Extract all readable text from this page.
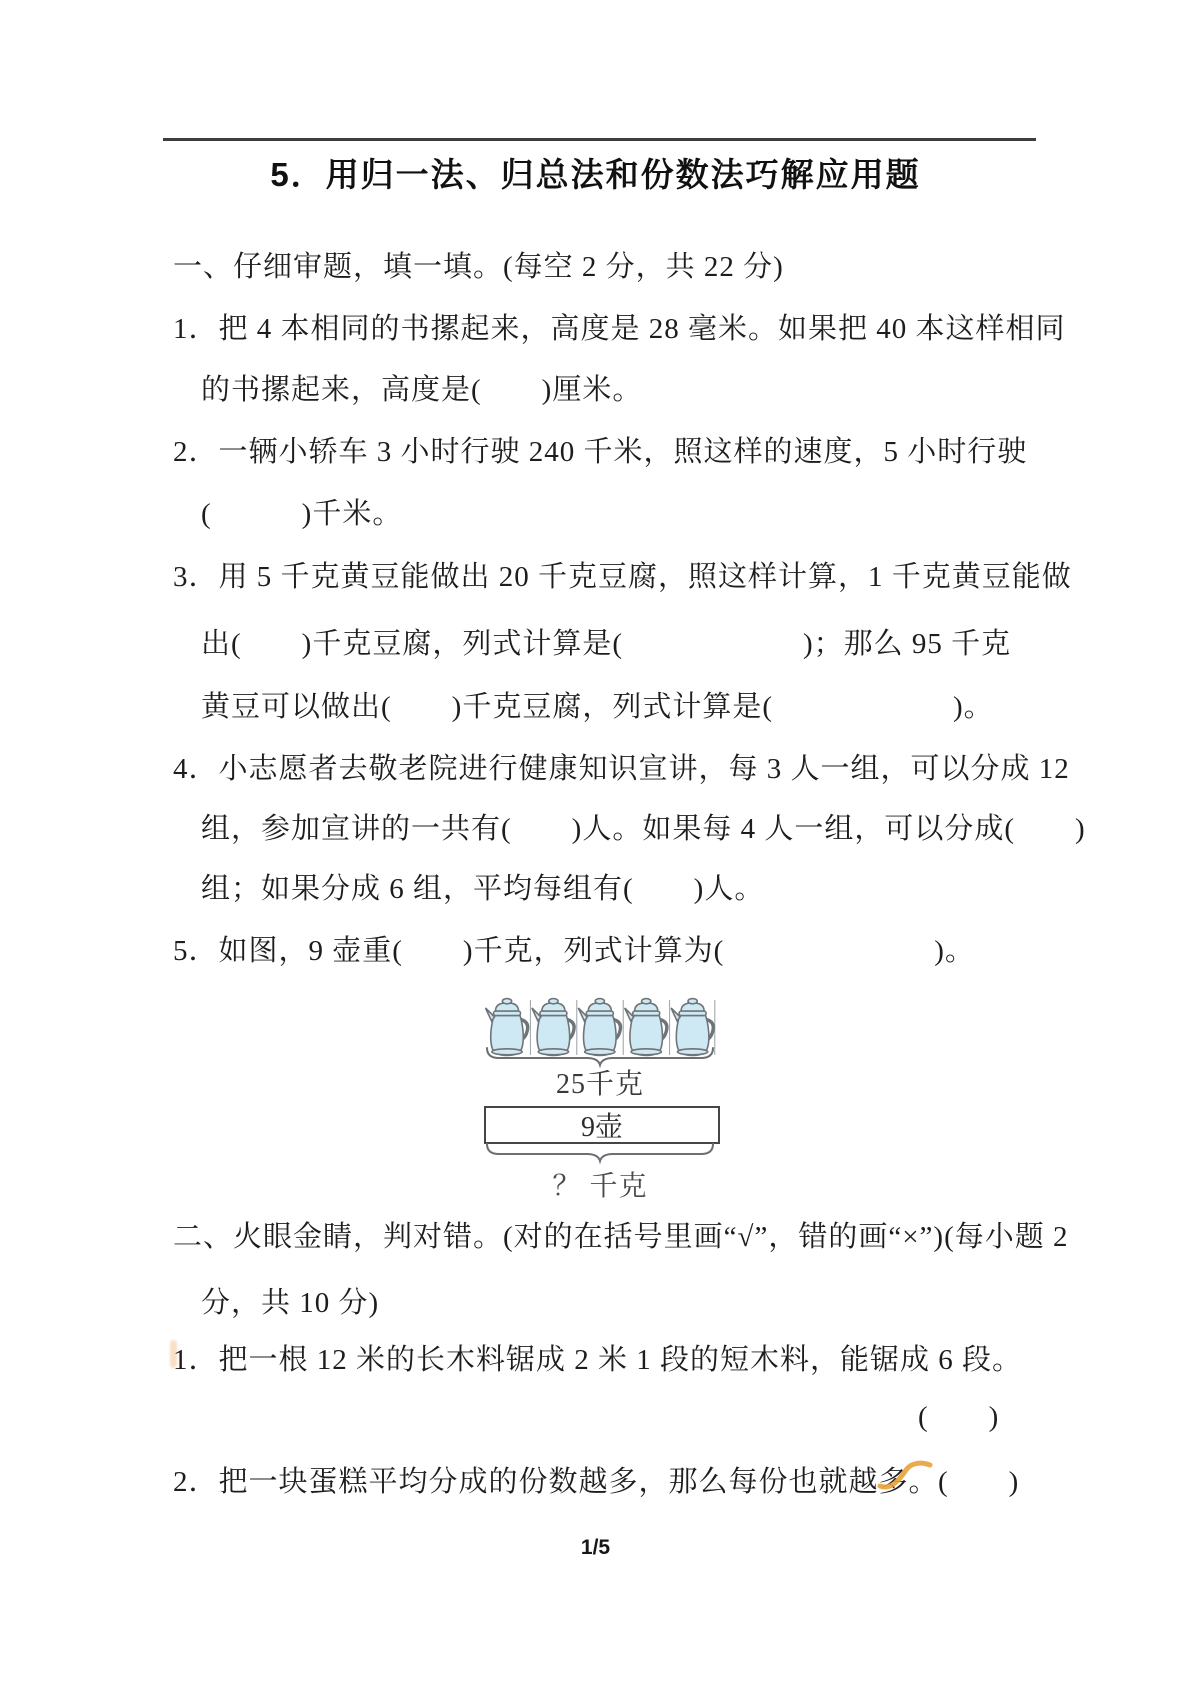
5．用归一法、归总法和份数法巧解应用题
一、仔细审题，填一填。(每空 2 分，共 22 分)
1．把 4 本相同的书摞起来，高度是 28 毫米。如果把 40 本这样相同
的书摞起来，高度是(　　)厘米。
2．一辆小轿车 3 小时行驶 240 千米，照这样的速度，5 小时行驶
(　　　)千米。
3．用 5 千克黄豆能做出 20 千克豆腐，照这样计算，1 千克黄豆能做
出(　　)千克豆腐，列式计算是(　　　　　　)；那么 95 千克
黄豆可以做出(　　)千克豆腐，列式计算是(　　　　　　)。
4．小志愿者去敬老院进行健康知识宣讲，每 3 人一组，可以分成 12
组，参加宣讲的一共有(　　)人。如果每 4 人一组，可以分成(　　)
组；如果分成 6 组，平均每组有(　　)人。
5．如图，9 壶重(　　)千克，列式计算为(　　　　　　　)。
25千克
9壶
？ 千克
二、火眼金睛，判对错。(对的在括号里画“√”，错的画“×”)(每小题 2
分，共 10 分)
1．把一根 12 米的长木料锯成 2 米 1 段的短木料，能锯成 6 段。
(　　)
2．把一块蛋糕平均分成的份数越多，那么每份也就越多。 (　　)
1/5
